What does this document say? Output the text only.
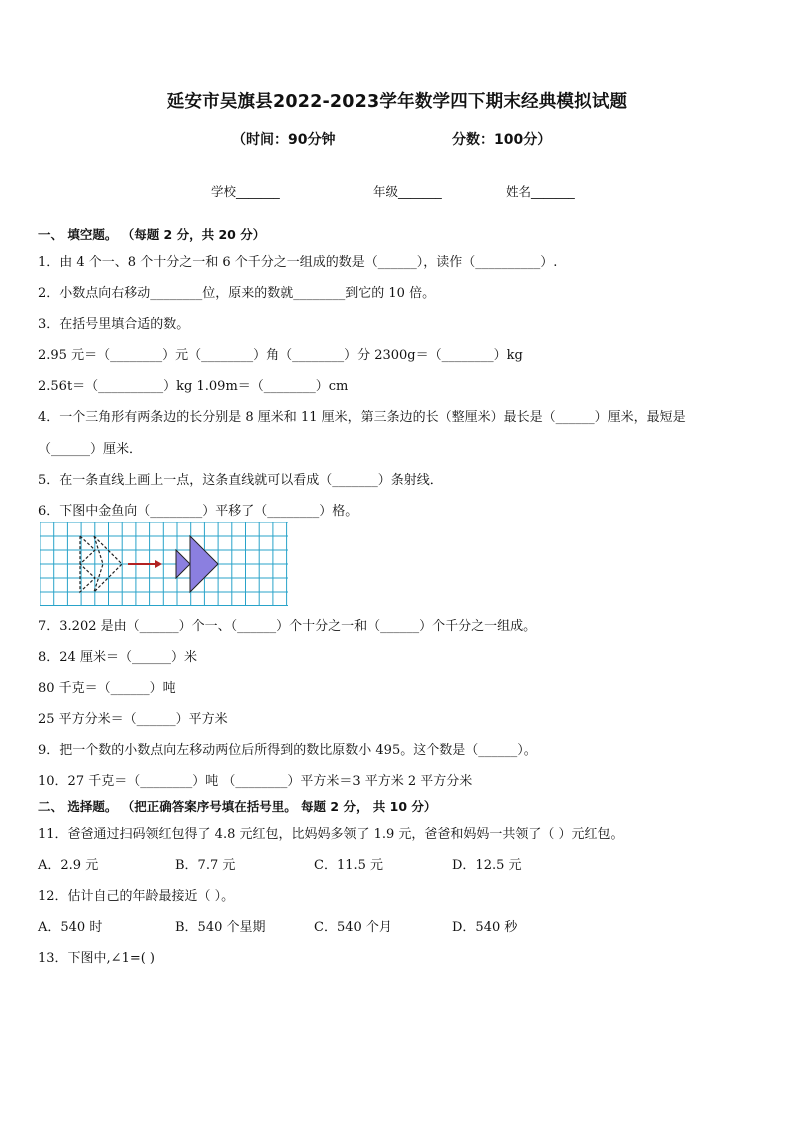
延安市吴旗县2022-2023学年数学四下期末经典模拟试题
（时间：90分钟	分数：100分）
学校_______	年级_______	姓名_______
一、 填空题。 （每题 2 分，共 20 分）
1．由 4 个一、8 个十分之一和 6 个千分之一组成的数是（______），读作（__________）.
2．小数点向右移动________位，原来的数就________到它的 10 倍。
3．在括号里填合适的数。
2.95 元＝（________）元（________）角（________）分 2300g＝（________）kg
2.56t＝（__________）kg 1.09m＝（________）cm
4．一个三角形有两条边的长分别是 8 厘米和 11 厘米，第三条边的长（整厘米）最长是（______）厘米，最短是
（______）厘米．
5．在一条直线上画上一点，这条直线就可以看成（_______）条射线．
6．下图中金鱼向（________）平移了（________）格。
7．3.202 是由（______）个一、（______）个十分之一和（______）个千分之一组成。
8．24 厘米＝（______）米
80 千克＝（______）吨
25 平方分米＝（______）平方米
9．把一个数的小数点向左移动两位后所得到的数比原数小 495。这个数是（______）。
10．27 千克＝（________）吨 （________）平方米＝3 平方米 2 平方分米
二、 选择题。 （把正确答案序号填在括号里。 每题 2 分， 共 10 分）
11．爸爸通过扫码领红包得了 4.8 元红包，比妈妈多领了 1.9 元，爸爸和妈妈一共领了（ ）元红包。
A．2.9 元	B．7.7 元	C．11.5 元	D．12.5 元
12．估计自己的年龄最接近（ ）。
A．540 时	B．540 个星期	C．540 个月	D．540 秒
13．下图中,∠1=( )
